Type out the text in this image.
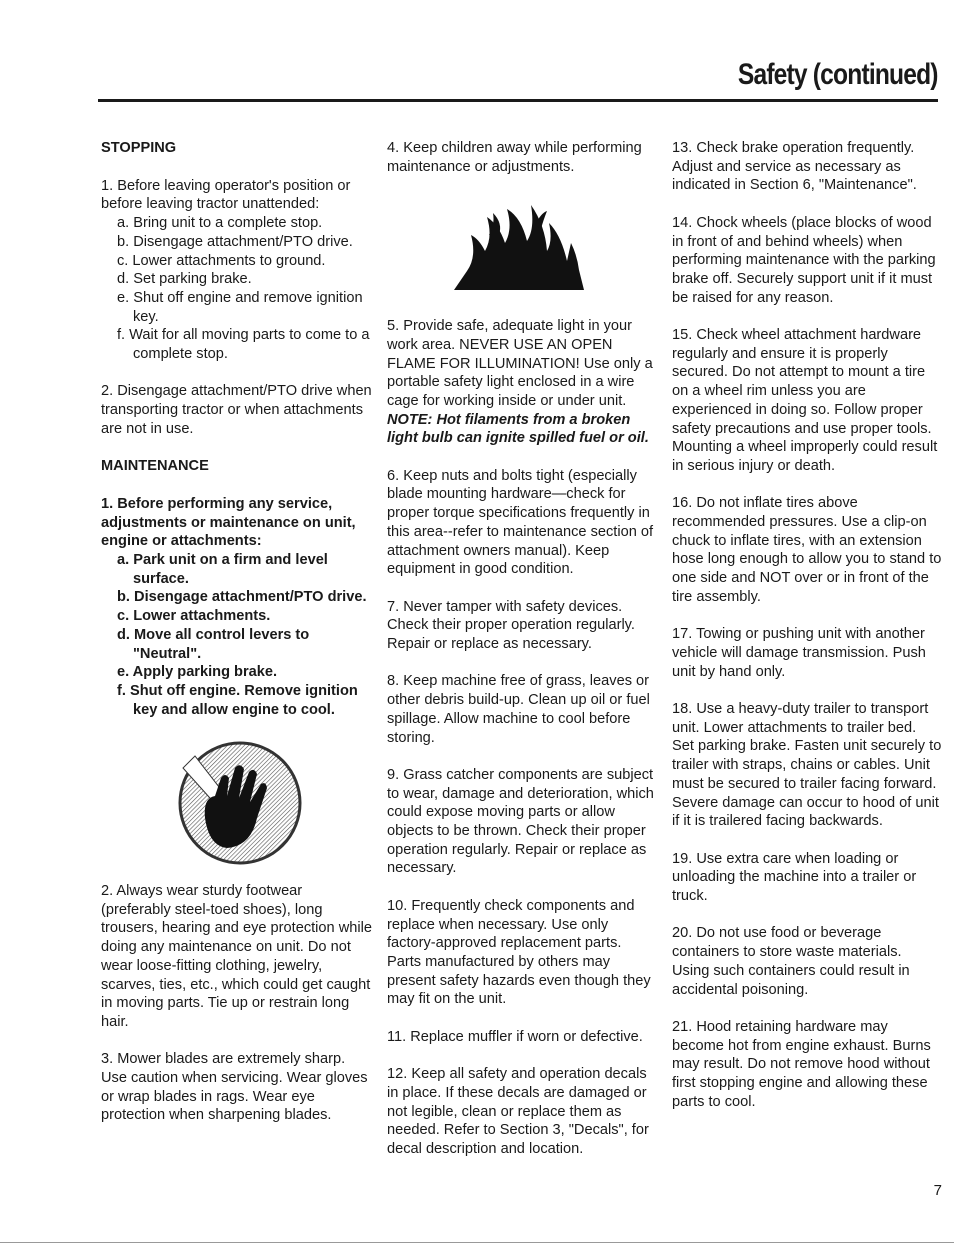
Safety (continued)
STOPPING

1. Before leaving operator's position or before leaving tractor unattended:

a. Bring unit to a complete stop.

b. Disengage attachment/PTO drive.

c. Lower attachments to ground.

d. Set parking brake.

e. Shut off engine and remove ignition key.

f. Wait for all moving parts to come to a complete stop.

2. Disengage attachment/PTO drive when transporting tractor or when attachments are not in use.

MAINTENANCE

1. Before performing any service, adjustments or maintenance on unit, engine or attachments:

a. Park unit on a firm and level surface.

b. Disengage attachment/PTO drive.

c. Lower attachments.

d. Move all control levers to "Neutral".

e. Apply parking brake.

f. Shut off engine. Remove ignition key and allow engine to cool.

2. Always wear sturdy footwear (preferably steel-toed shoes), long trousers, hearing and eye protection while doing any maintenance on unit. Do not wear loose-fitting clothing, jewelry, scarves, ties, etc., which could get caught in moving parts. Tie up or restrain long hair.

3. Mower blades are extremely sharp. Use caution when servicing. Wear gloves or wrap blades in rags. Wear eye protection when sharpening blades.

4. Keep children away while performing maintenance or adjustments.

5. Provide safe, adequate light in your work area. NEVER USE AN OPEN FLAME FOR ILLUMINATION! Use only a portable safety light enclosed in a wire cage for working inside or under unit. NOTE: Hot filaments from a broken light bulb can ignite spilled fuel or oil.

6. Keep nuts and bolts tight (especially blade mounting hardware—check for proper torque specifications frequently in this area--refer to maintenance section of attachment owners manual). Keep equipment in good condition.

7. Never tamper with safety devices. Check their proper operation regularly. Repair or replace as necessary.

8. Keep machine free of grass, leaves or other debris build-up. Clean up oil or fuel spillage. Allow machine to cool before storing.

9. Grass catcher components are subject to wear, damage and deterioration, which could expose moving parts or allow objects to be thrown. Check their proper operation regularly. Repair or replace as necessary.

10. Frequently check components and replace when necessary. Use only factory-approved replacement parts. Parts manufactured by others may present safety hazards even though they may fit on the unit.

11. Replace muffler if worn or defective.

12. Keep all safety and operation decals in place. If these decals are damaged or not legible, clean or replace them as needed. Refer to Section 3, "Decals", for decal description and location.

13. Check brake operation frequently. Adjust and service as necessary as indicated in Section 6, "Maintenance".

14. Chock wheels (place blocks of wood in front of and behind wheels) when performing maintenance with the parking brake off. Securely support unit if it must be raised for any reason.

15. Check wheel attachment hardware regularly and ensure it is properly secured. Do not attempt to mount a tire on a wheel rim unless you are experienced in doing so. Follow proper safety precautions and use proper tools. Mounting a wheel improperly could result in serious injury or death.

16. Do not inflate tires above recommended pressures. Use a clip-on chuck to inflate tires, with an extension hose long enough to allow you to stand to one side and NOT over or in front of the tire assembly.

17. Towing or pushing unit with another vehicle will damage transmission. Push unit by hand only.

18. Use a heavy-duty trailer to transport unit. Lower attachments to trailer bed. Set parking brake. Fasten unit securely to trailer with straps, chains or cables. Unit must be secured to trailer facing forward. Severe damage can occur to hood of unit if it is trailered facing backwards.

19. Use extra care when loading or unloading the machine into a trailer or truck.

20. Do not use food or beverage containers to store waste materials. Using such containers could result in accidental poisoning.

21. Hood retaining hardware may become hot from engine exhaust. Burns may result. Do not remove hood without first stopping engine and allowing these parts to cool.

7
